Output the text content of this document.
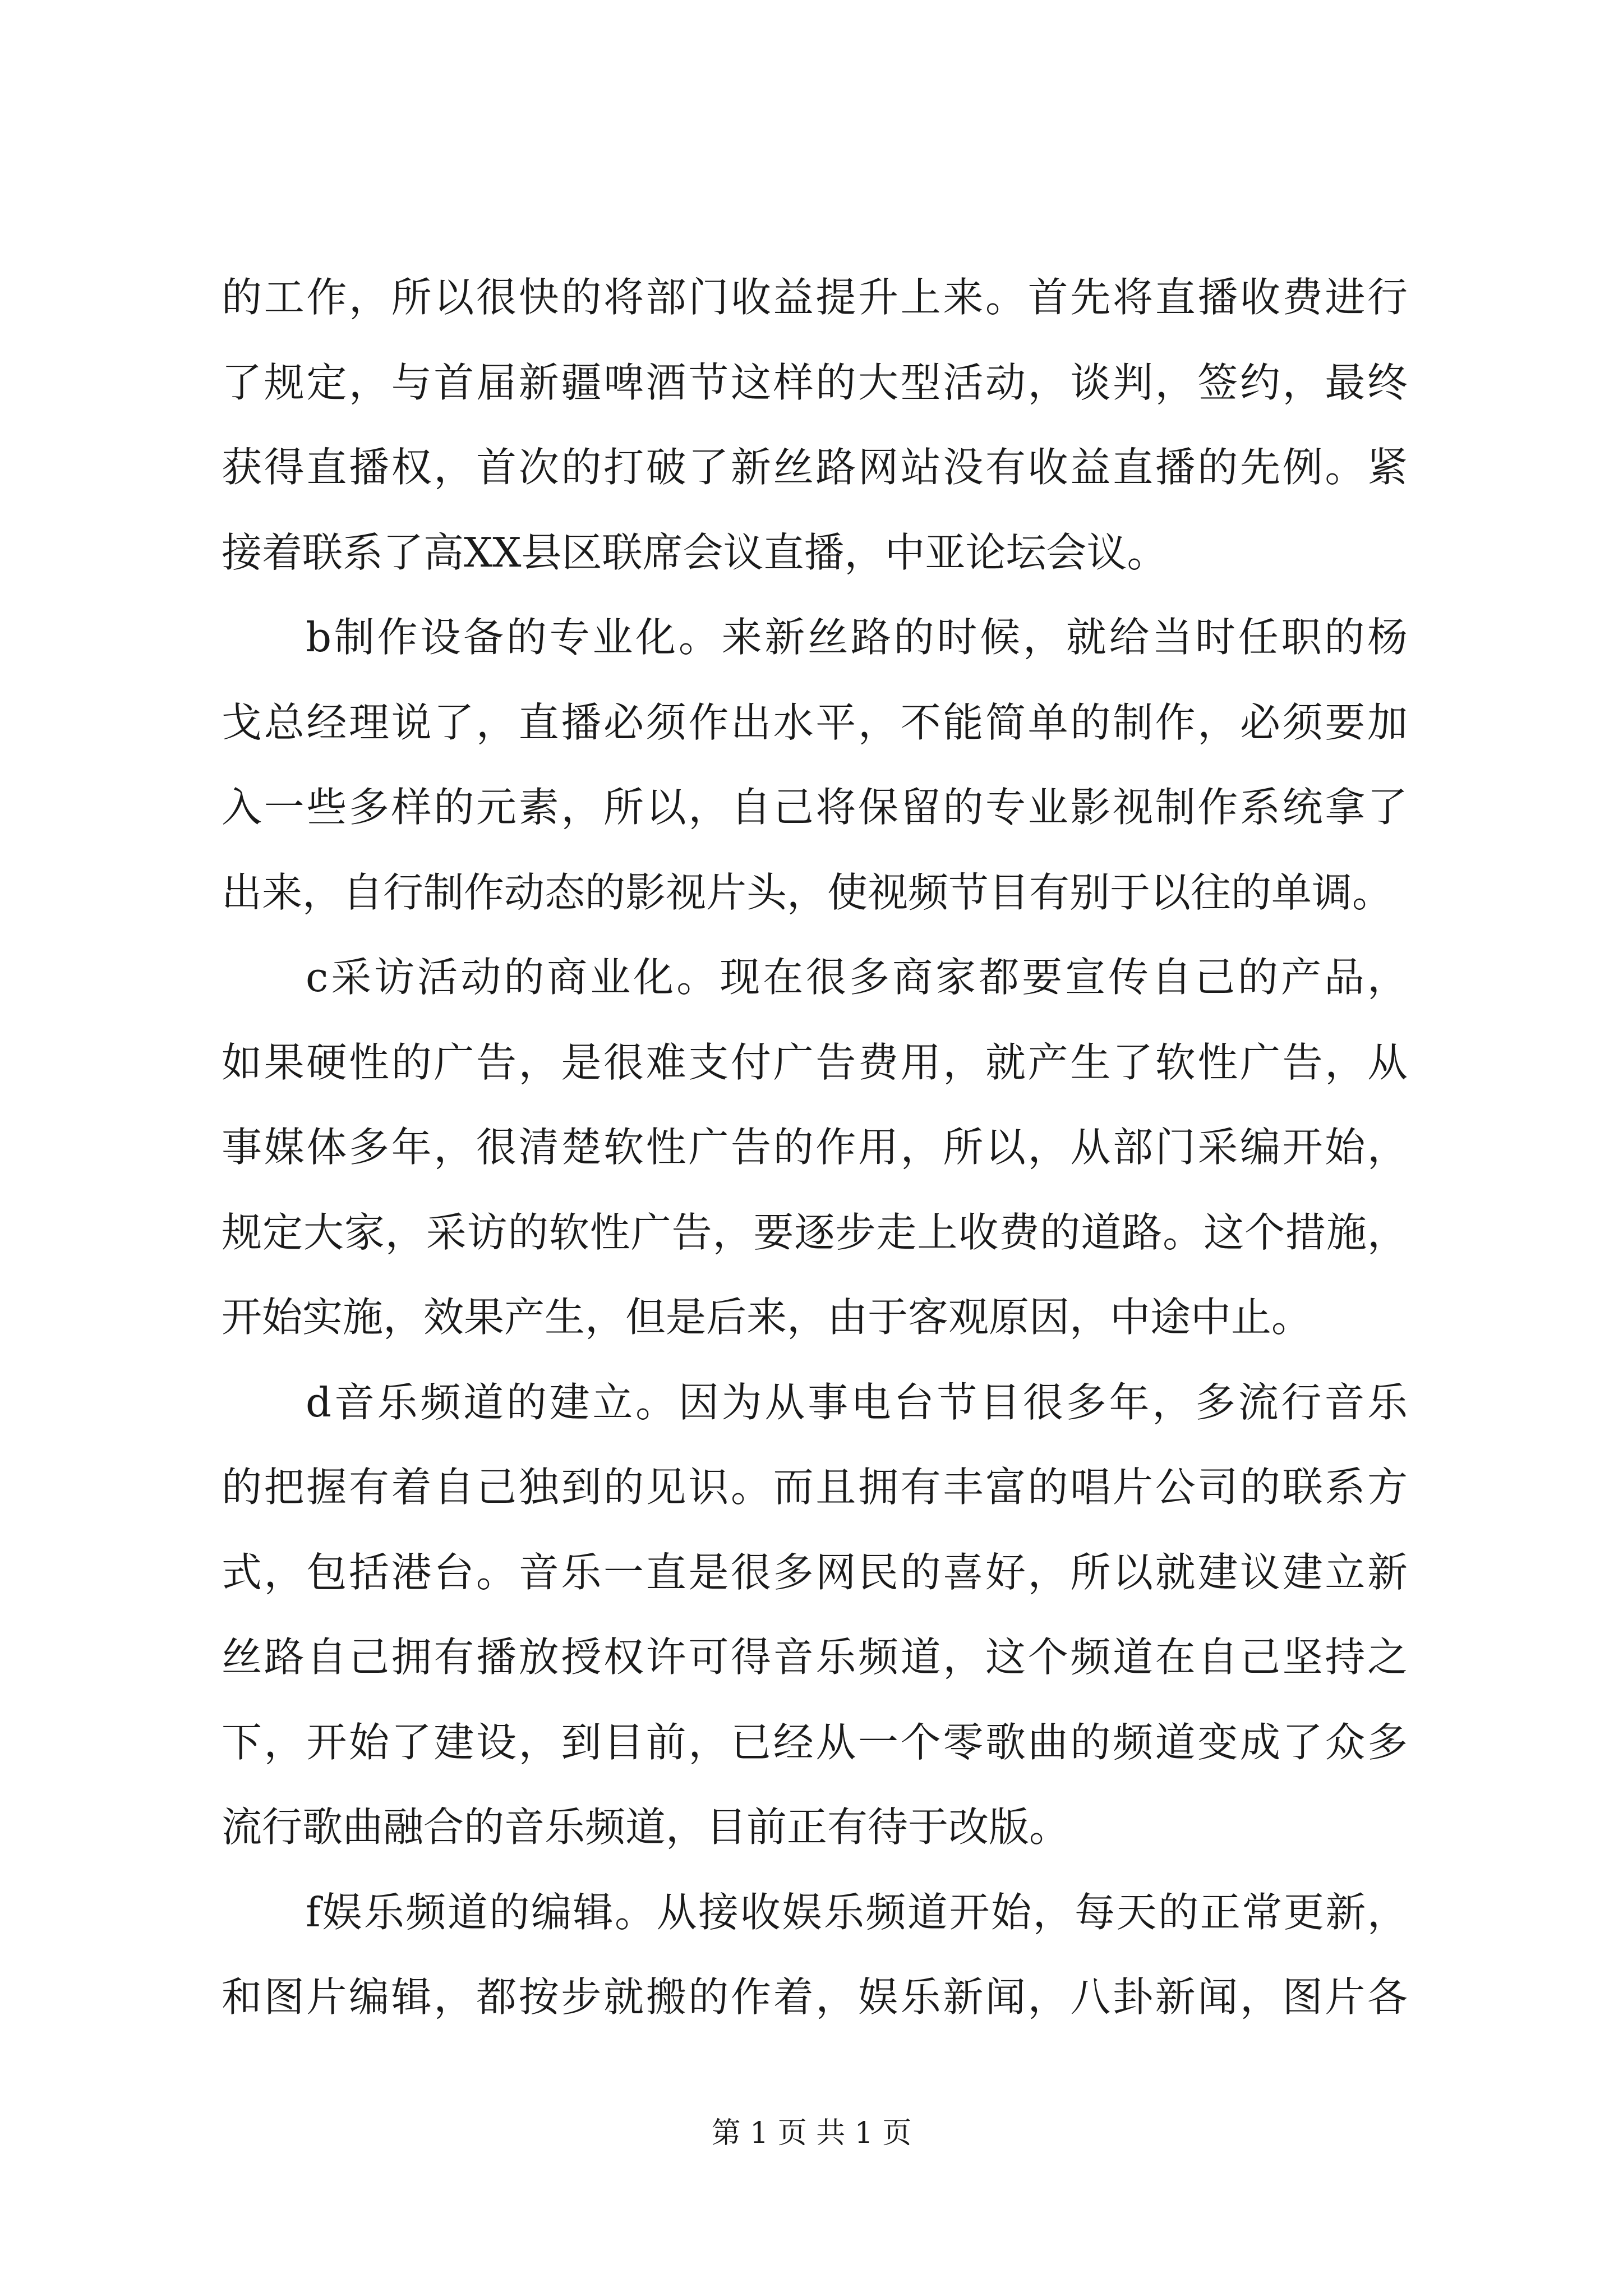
的工作，所以很快的将部门收益提升上来。首先将直播收费进行
了规定，与首届新疆啤酒节这样的大型活动，谈判，签约，最终
获得直播权，首次的打破了新丝路网站没有收益直播的先例。紧
接着联系了高XX县区联席会议直播，中亚论坛会议。
b制作设备的专业化。来新丝路的时候，就给当时任职的杨
戈总经理说了，直播必须作出水平，不能简单的制作，必须要加
入一些多样的元素，所以，自己将保留的专业影视制作系统拿了
出来，自行制作动态的影视片头，使视频节目有别于以往的单调。
c采访活动的商业化。现在很多商家都要宣传自己的产品，
如果硬性的广告，是很难支付广告费用，就产生了软性广告，从
事媒体多年，很清楚软性广告的作用，所以，从部门采编开始，
规定大家，采访的软性广告，要逐步走上收费的道路。这个措施，
开始实施，效果产生，但是后来，由于客观原因，中途中止。
d音乐频道的建立。因为从事电台节目很多年，多流行音乐
的把握有着自己独到的见识。而且拥有丰富的唱片公司的联系方
式，包括港台。音乐一直是很多网民的喜好，所以就建议建立新
丝路自己拥有播放授权许可得音乐频道，这个频道在自己坚持之
下，开始了建设，到目前，已经从一个零歌曲的频道变成了众多
流行歌曲融合的音乐频道，目前正有待于改版。
f娱乐频道的编辑。从接收娱乐频道开始，每天的正常更新，
和图片编辑，都按步就搬的作着，娱乐新闻，八卦新闻，图片各
第 1 页 共 1 页
